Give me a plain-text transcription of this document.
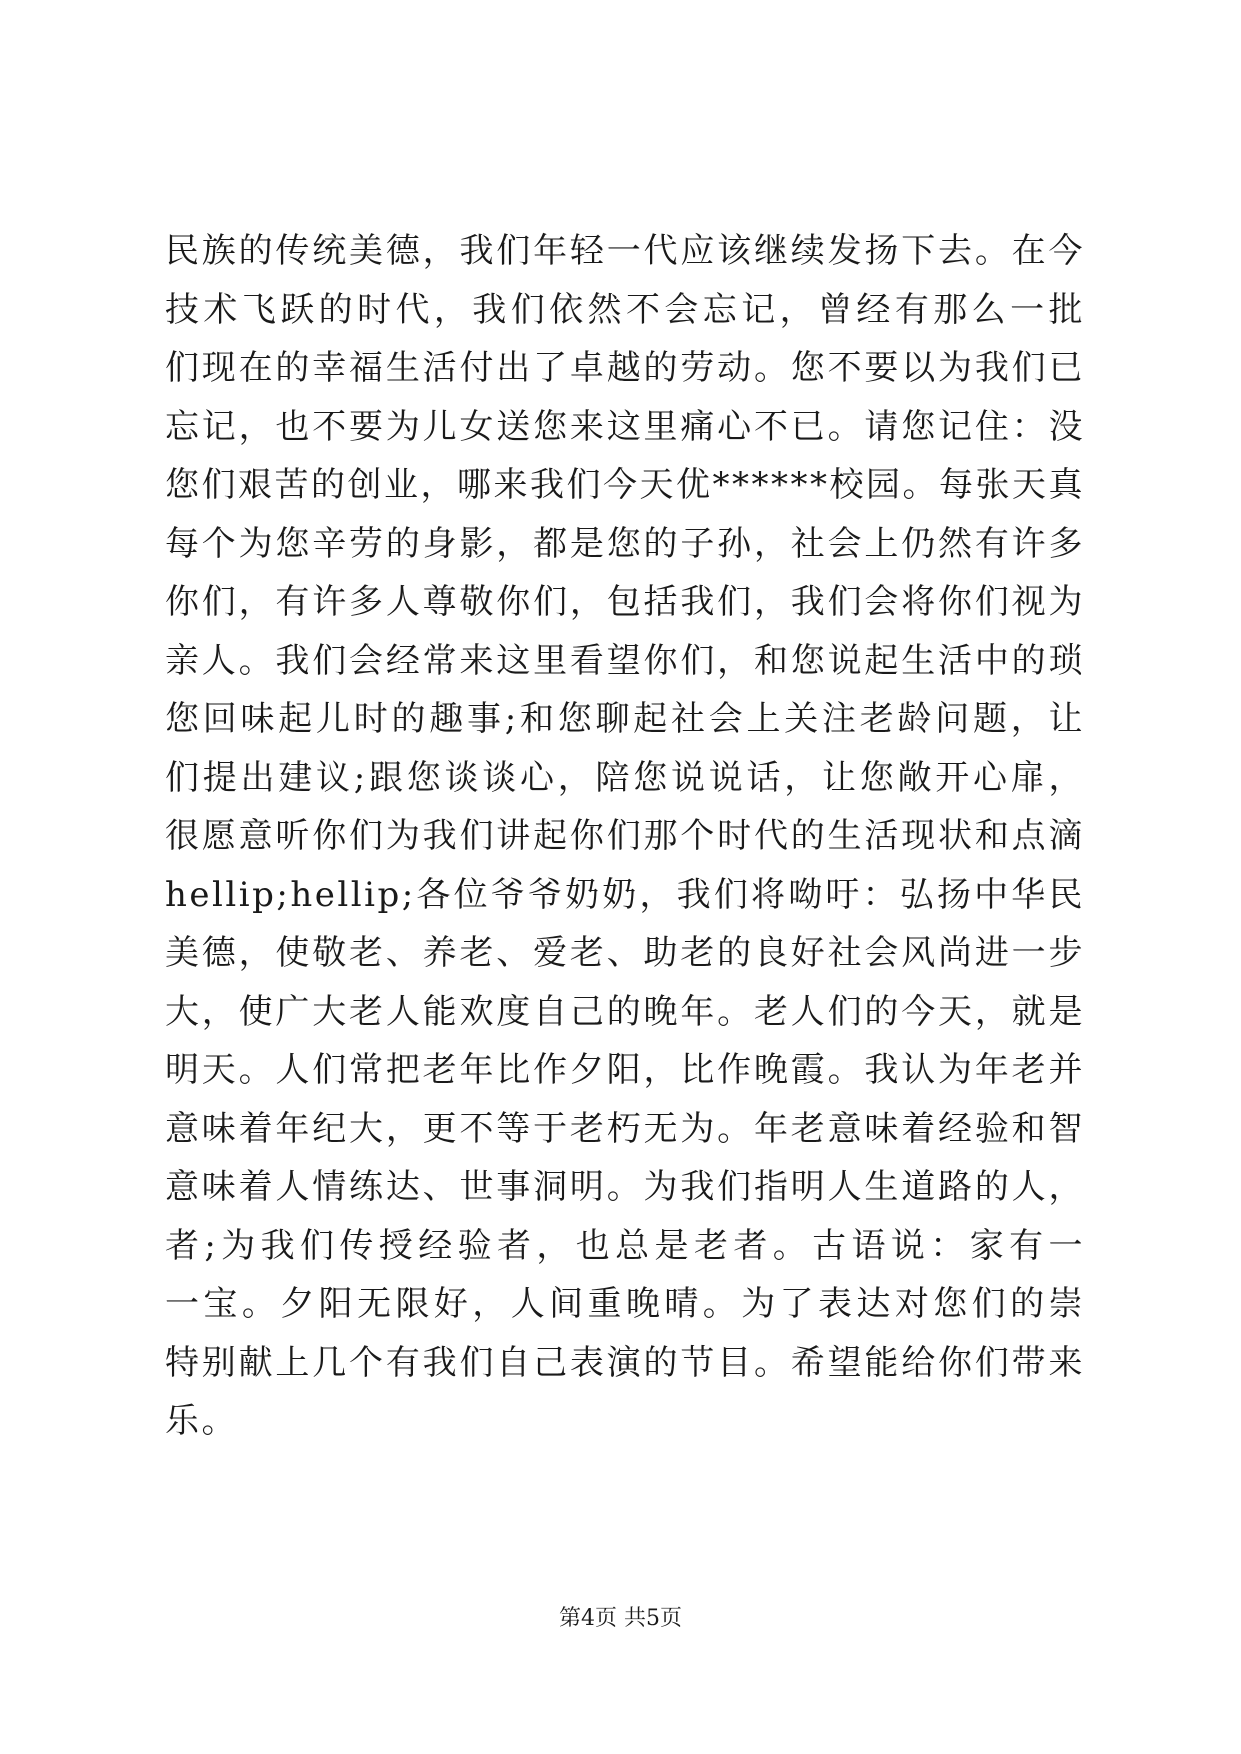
民族的传统美德，我们年轻一代应该继续发扬下去。在今
技术飞跃的时代，我们依然不会忘记，曾经有那么一批
们现在的幸福生活付出了卓越的劳动。您不要以为我们已
忘记，也不要为儿女送您来这里痛心不已。请您记住：没
您们艰苦的创业，哪来我们今天优******校园。每张天真
每个为您辛劳的身影，都是您的子孙，社会上仍然有许多
你们，有许多人尊敬你们，包括我们，我们会将你们视为
亲人。我们会经常来这里看望你们，和您说起生活中的琐
您回味起儿时的趣事;和您聊起社会上关注老龄问题，让
们提出建议;跟您谈谈心，陪您说说话，让您敞开心扉，
很愿意听你们为我们讲起你们那个时代的生活现状和点滴
hellip;hellip;各位爷爷奶奶，我们将呦吁：弘扬中华民
美德，使敬老、养老、爱老、助老的良好社会风尚进一步
大，使广大老人能欢度自己的晚年。老人们的今天，就是
明天。人们常把老年比作夕阳，比作晚霞。我认为年老并
意味着年纪大，更不等于老朽无为。年老意味着经验和智
意味着人情练达、世事洞明。为我们指明人生道路的人，
者;为我们传授经验者，也总是老者。古语说：家有一
一宝。夕阳无限好，人间重晚晴。为了表达对您们的崇
特别献上几个有我们自己表演的节目。希望能给你们带来
乐。
第4页 共5页
